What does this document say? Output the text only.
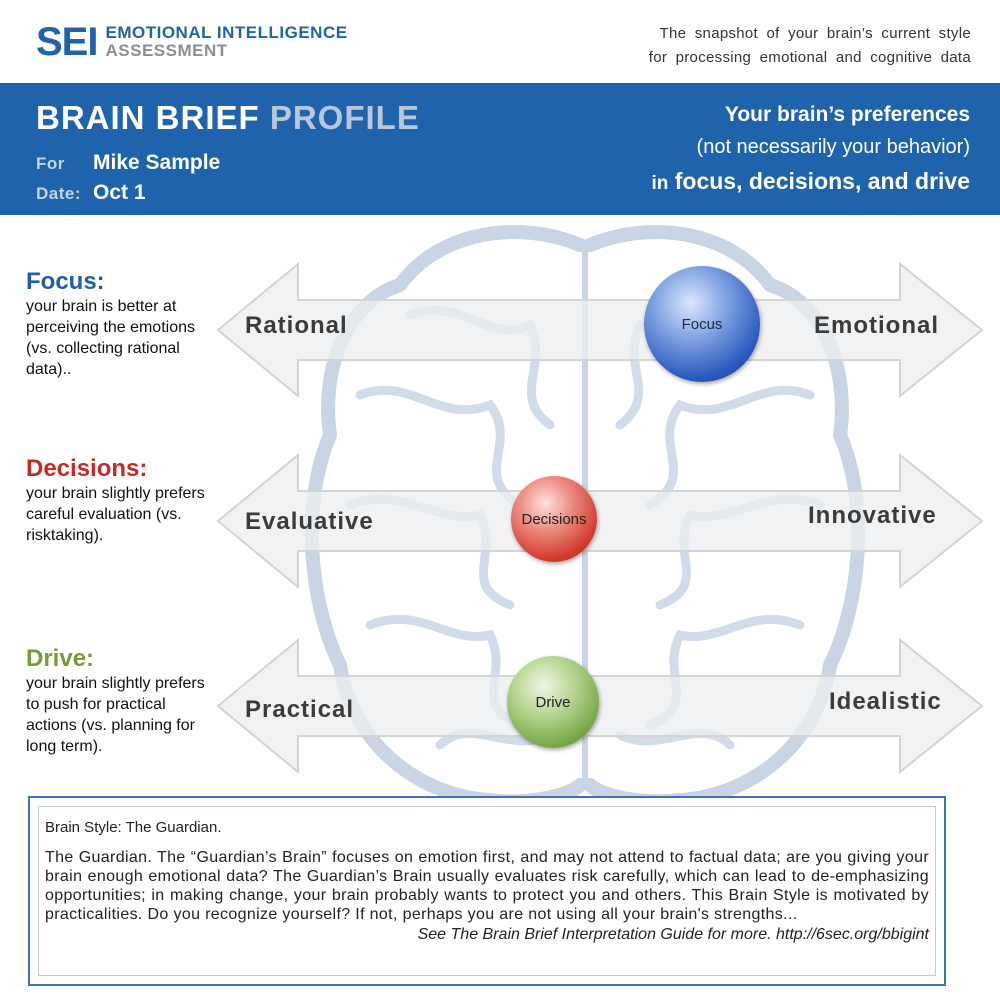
SEI EMOTIONAL INTELLIGENCE
ASSESSMENT
The snapshot of your brain’s current style
for processing emotional and cognitive data
BRAIN BRIEF PROFILE
For	Mike Sample
Date: Oct 1
Your brain’s preferences
(not necessarily your behavior)
in focus, decisions, and drive
Rational	Emotional
Evaluative	Innovative
Practical	Idealistic
Focus
Decisions
Drive
Focus:
your brain is better at perceiving the emotions (vs. collecting rational data)..
Decisions:
your brain slightly prefers careful evaluation (vs. risktaking).
Drive:
your brain slightly prefers to push for practical actions (vs. planning for long term).
Brain Style: The Guardian.
The Guardian. The “Guardian’s Brain” focuses on emotion first, and may not attend to factual data; are you giving your brain enough emotional data? The Guardian’s Brain usually evaluates risk carefully, which can lead to de-emphasizing opportunities; in making change, your brain probably wants to protect you and others. This Brain Style is motivated by practicalities. Do you recognize yourself? If not, perhaps you are not using all your brain's strengths...
See The Brain Brief Interpretation Guide for more. http://6sec.org/bbigint
